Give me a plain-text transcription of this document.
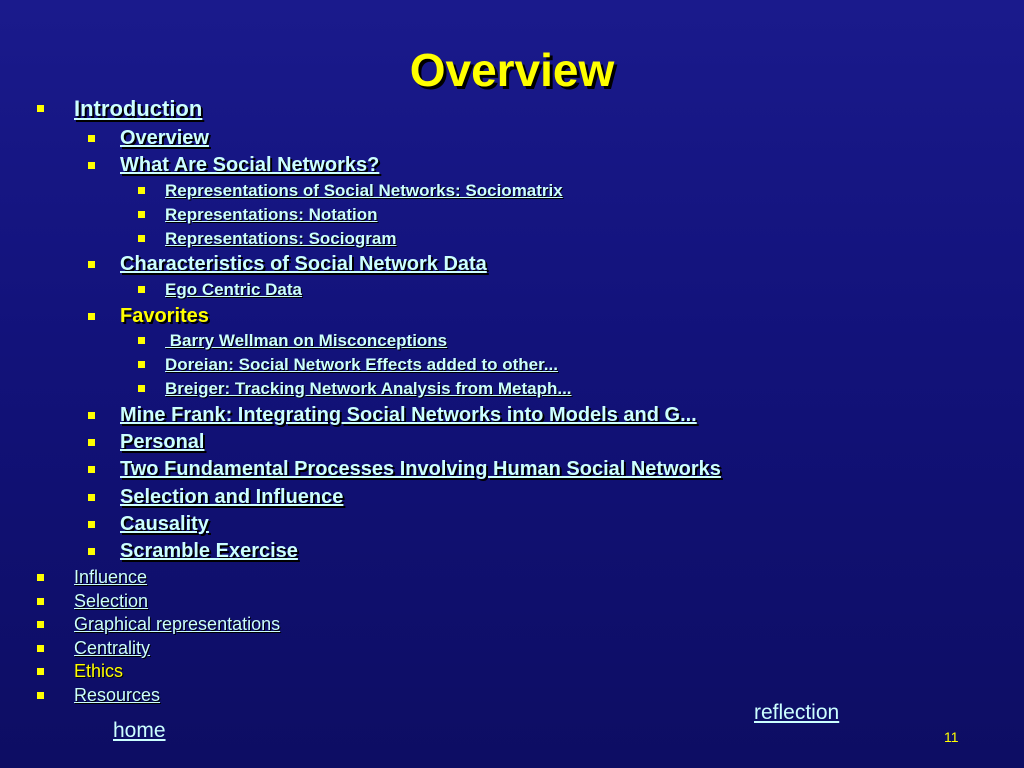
Overview
Introduction
Overview
What Are Social Networks?
Representations of Social Networks: Sociomatrix
Representations: Notation
Representations: Sociogram
Characteristics of Social Network Data
Ego Centric Data
Favorites
Barry Wellman on Misconceptions
Doreian: Social Network Effects added to other...
Breiger: Tracking Network Analysis from Metaph...
Mine Frank: Integrating Social Networks into Models and G...
Personal
Two Fundamental Processes Involving Human Social Networks
Selection and Influence
Causality
Scramble Exercise
Influence
Selection
Graphical representations
Centrality
Ethics
Resources
reflection
home	11
